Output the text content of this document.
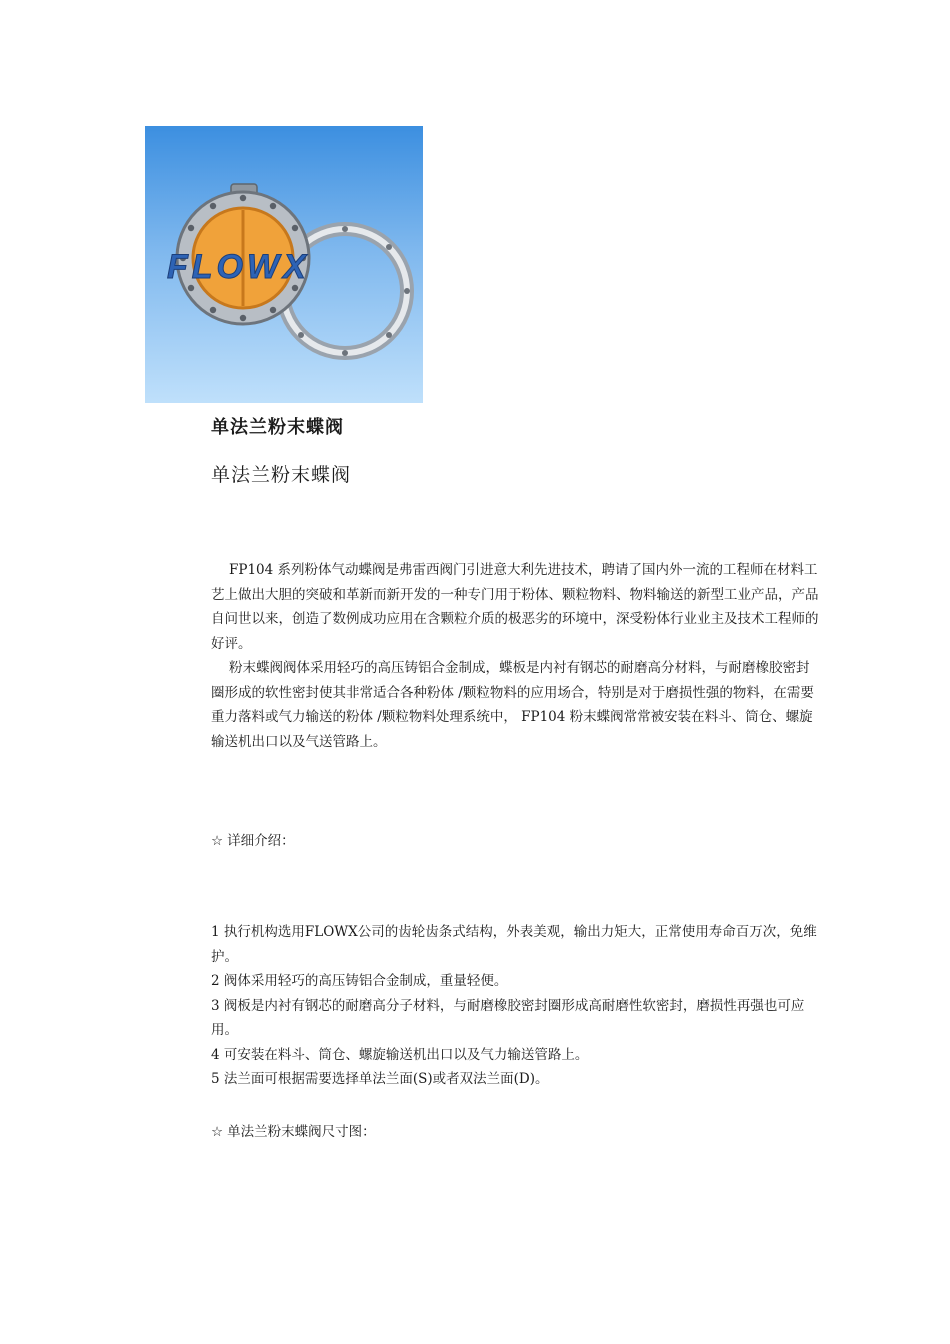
FLOWX
单法兰粉末蝶阀
单法兰粉末蝶阀
FP104 系列粉体气动蝶阀是弗雷西阀门引进意大利先进技术，聘请了国内外一流的工程师在材料工艺上做出大胆的突破和革新而新开发的一种专门用于粉体、颗粒物料、物料输送的新型工业产品，产品自问世以来，创造了数例成功应用在含颗粒介质的极恶劣的环境中，深受粉体行业业主及技术工程师的好评。
粉末蝶阀阀体采用轻巧的高压铸铝合金制成，蝶板是内衬有钢芯的耐磨高分材料，与耐磨橡胶密封圈形成的软性密封使其非常适合各种粉体 /颗粒物料的应用场合，特别是对于磨损性强的物料，在需要重力落料或气力输送的粉体 /颗粒物料处理系统中， FP104 粉末蝶阀常常被安装在料斗、筒仓、螺旋输送机出口以及气送管路上。
☆ 详细介绍：

1 执行机构选用FLOWX公司的齿轮齿条式结构，外表美观，输出力矩大，正常使用寿命百万次，免维护。

2 阀体采用轻巧的高压铸铝合金制成，重量轻便。

3 阀板是内衬有钢芯的耐磨高分子材料，与耐磨橡胶密封圈形成高耐磨性软密封，磨损性再强也可应用。

4 可安装在料斗、筒仓、螺旋输送机出口以及气力输送管路上。

5 法兰面可根据需要选择单法兰面(S)或者双法兰面(D)。

☆ 单法兰粉末蝶阀尺寸图：
